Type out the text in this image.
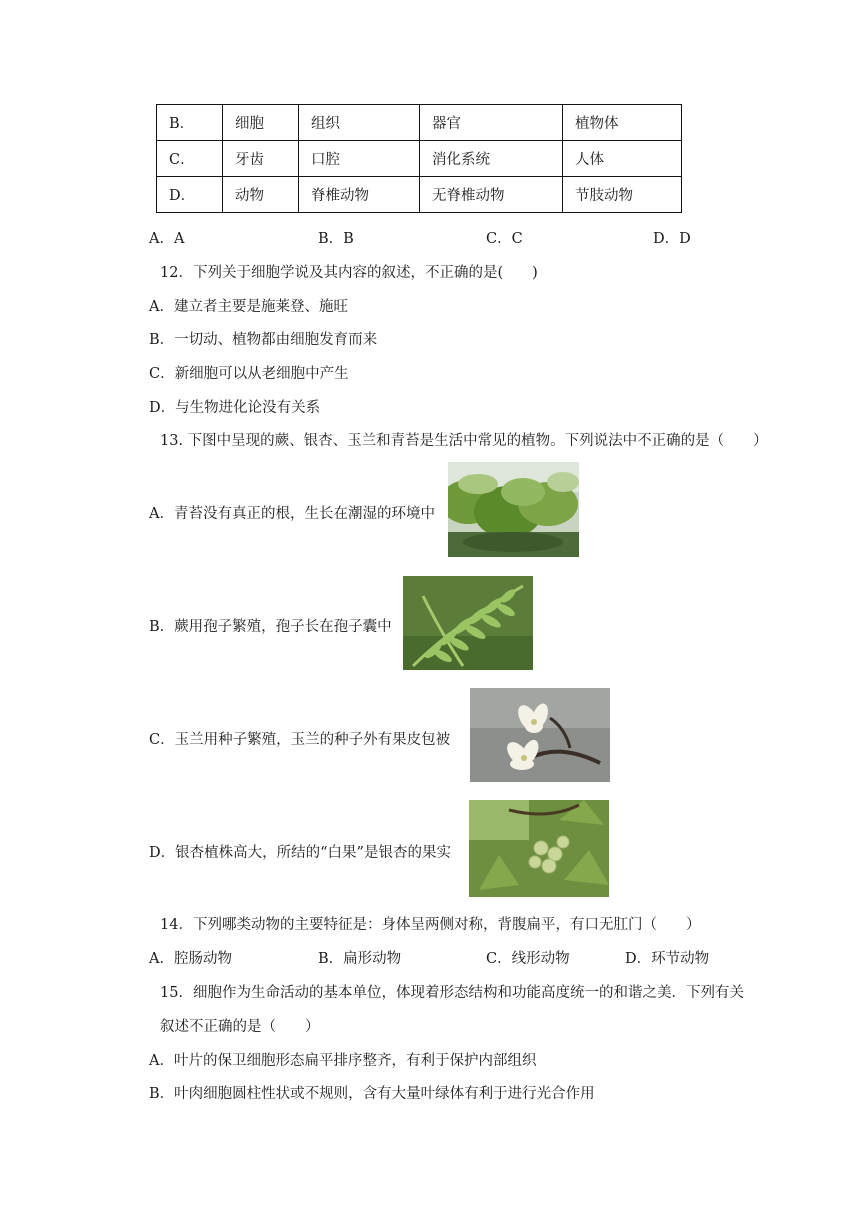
B．	细胞	组织	器官	植物体
C．	牙齿	口腔	消化系统	人体
D．	动物	脊椎动物	无脊椎动物	节肢动物
A．A	B．B	C．C	D．D
12．下列关于细胞学说及其内容的叙述，不正确的是(　　)
A．建立者主要是施莱登、施旺
B．一切动、植物都由细胞发育而来
C．新细胞可以从老细胞中产生
D．与生物进化论没有关系
13. 下图中呈现的蕨、银杏、玉兰和青苔是生活中常见的植物。下列说法中不正确的是（　　）
A．青苔没有真正的根，生长在潮湿的环境中
B．蕨用孢子繁殖，孢子长在孢子囊中
C．玉兰用种子繁殖，玉兰的种子外有果皮包被
D．银杏植株高大，所结的“白果”是银杏的果实
14．下列哪类动物的主要特征是：身体呈两侧对称，背腹扁平，有口无肛门（　　）
A．腔肠动物	B．扁形动物	C．线形动物	D．环节动物
15．细胞作为生命活动的基本单位，体现着形态结构和功能高度统一的和谐之美．下列有关
叙述不正确的是（　　）
A．叶片的保卫细胞形态扁平排序整齐，有利于保护内部组织
B．叶肉细胞圆柱性状或不规则，含有大量叶绿体有利于进行光合作用
